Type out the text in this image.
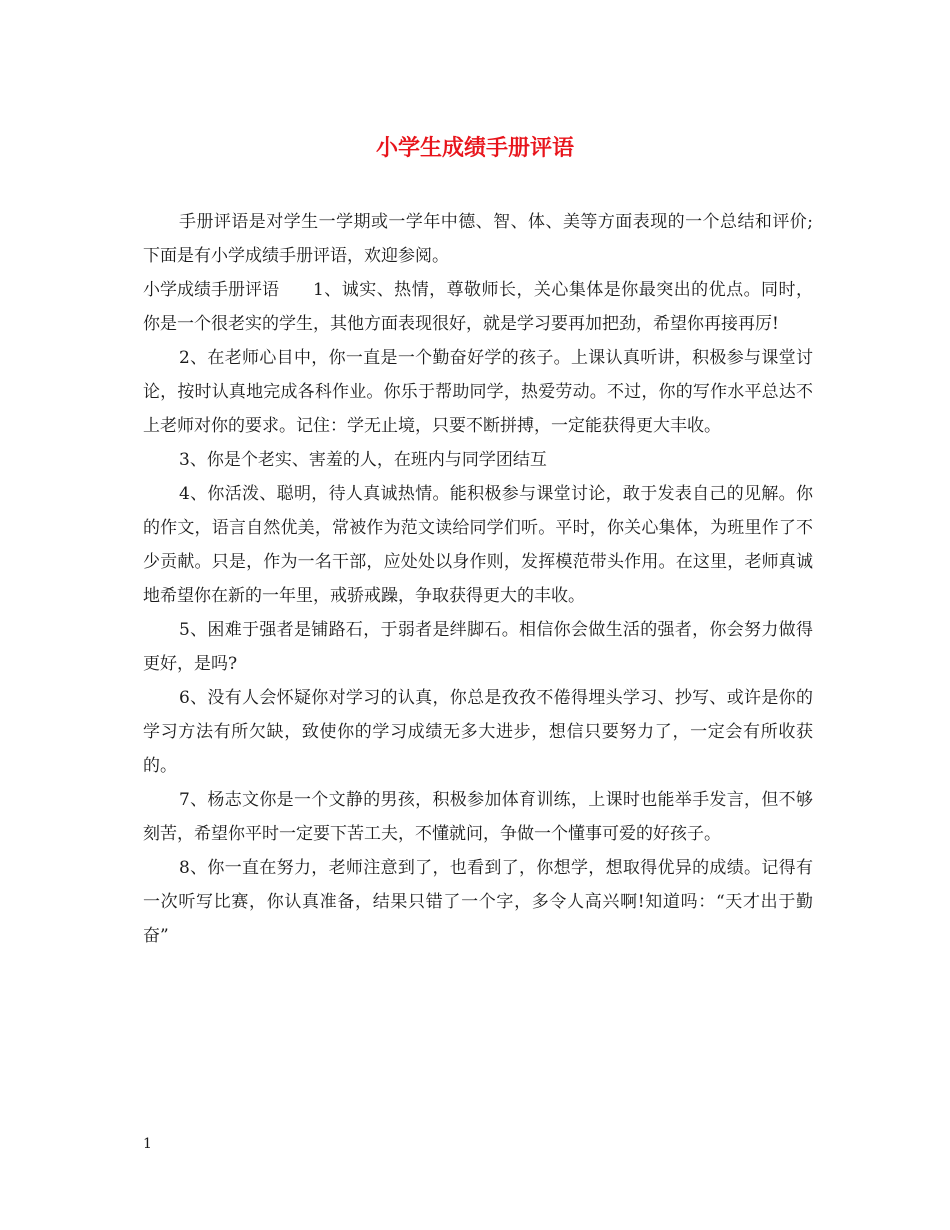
小学生成绩手册评语

手册评语是对学生一学期或一学年中德、智、体、美等方面表现的一个总结和评价;下面是有小学成绩手册评语，欢迎参阅。

小学成绩手册评语 1、诚实、热情，尊敬师长，关心集体是你最突出的优点。同时，你是一个很老实的学生，其他方面表现很好，就是学习要再加把劲，希望你再接再厉!

2、在老师心目中，你一直是一个勤奋好学的孩子。上课认真听讲，积极参与课堂讨论，按时认真地完成各科作业。你乐于帮助同学，热爱劳动。不过，你的写作水平总达不上老师对你的要求。记住：学无止境，只要不断拼搏，一定能获得更大丰收。

3、你是个老实、害羞的人，在班内与同学团结互

4、你活泼、聪明，待人真诚热情。能积极参与课堂讨论，敢于发表自己的见解。你的作文，语言自然优美，常被作为范文读给同学们听。平时，你关心集体，为班里作了不少贡献。只是，作为一名干部，应处处以身作则，发挥模范带头作用。在这里，老师真诚地希望你在新的一年里，戒骄戒躁，争取获得更大的丰收。

5、困难于强者是铺路石，于弱者是绊脚石。相信你会做生活的强者，你会努力做得更好，是吗?

6、没有人会怀疑你对学习的认真，你总是孜孜不倦得埋头学习、抄写、或许是你的学习方法有所欠缺，致使你的学习成绩无多大进步，想信只要努力了，一定会有所收获的。

7、杨志文你是一个文静的男孩，积极参加体育训练，上课时也能举手发言，但不够刻苦，希望你平时一定要下苦工夫，不懂就问，争做一个懂事可爱的好孩子。

8、你一直在努力，老师注意到了，也看到了，你想学，想取得优异的成绩。记得有一次听写比赛，你认真准备，结果只错了一个字，多令人高兴啊!知道吗：“天才出于勤奋”

1
